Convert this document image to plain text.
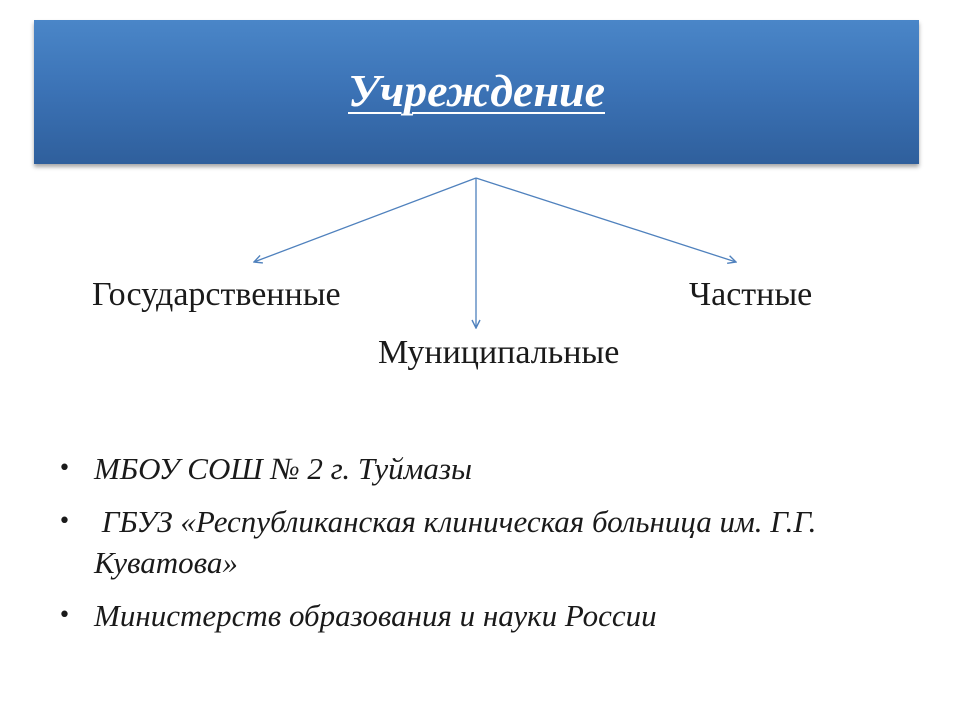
Учреждение
Государственные	Частные
Муниципальные
• МБОУ СОШ № 2 г. Туймазы
• ГБУЗ «Республиканская клиническая больница им. Г.Г. Куватова»
• Министерств образования и науки России
